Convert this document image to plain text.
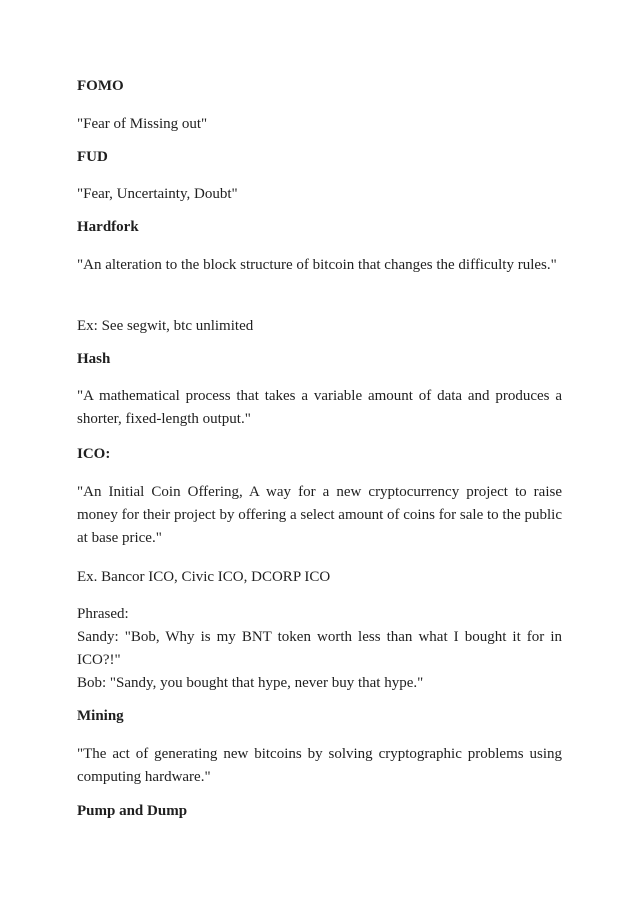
FOMO

"Fear of Missing out"

FUD

"Fear, Uncertainty, Doubt"

Hardfork

"An alteration to the block structure of bitcoin that changes the difficulty rules."

Ex: See segwit, btc unlimited

Hash

"A mathematical process that takes a variable amount of data and produces a shorter, fixed-length output."

ICO:

"An Initial Coin Offering, A way for a new cryptocurrency project to raise money for their project by offering a select amount of coins for sale to the public at base price."

Ex. Bancor ICO, Civic ICO, DCORP ICO

Phrased:

Sandy: "Bob, Why is my BNT token worth less than what I bought it for in ICO?!"

Bob: "Sandy, you bought that hype, never buy that hype."

Mining

"The act of generating new bitcoins by solving cryptographic problems using computing hardware."

Pump and Dump
